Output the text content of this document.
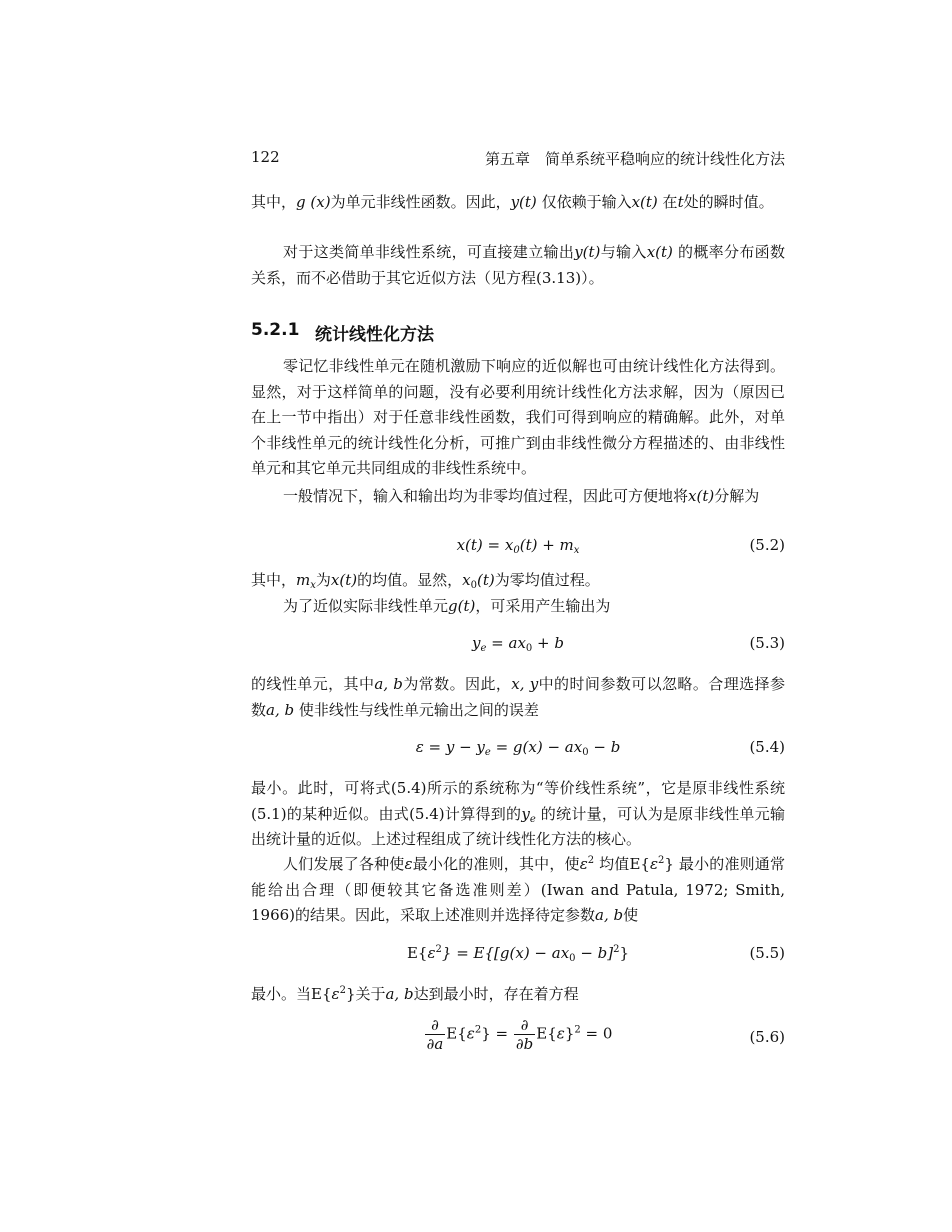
122	第五章　简单系统平稳响应的统计线性化方法
其中，g (x)为单元非线性函数。因此，y(t) 仅依赖于输入x(t) 在t处的瞬时值。
对于这类简单非线性系统，可直接建立输出y(t)与输入x(t) 的概率分布函数关系，而不必借助于其它近似方法（见方程(3.13)）。
5.2.1 统计线性化方法
零记忆非线性单元在随机激励下响应的近似解也可由统计线性化方法得到。显然，对于这样简单的问题，没有必要利用统计线性化方法求解，因为（原因已在上一节中指出）对于任意非线性函数，我们可得到响应的精确解。此外，对单个非线性单元的统计线性化分析，可推广到由非线性微分方程描述的、由非线性单元和其它单元共同组成的非线性系统中。
一般情况下，输入和输出均为非零均值过程，因此可方便地将x(t)分解为
$x(t) = x_0(t) + m_x$	(5.2)
其中，$m_x$为x(t)的均值。显然，$x_0(t)$为零均值过程。
为了近似实际非线性单元g(t)，可采用产生输出为
$y_e = ax_0 + b$	(5.3)
的线性单元，其中a, b为常数。因此，x, y中的时间参数可以忽略。合理选择参数a, b 使非线性与线性单元输出之间的误差
$\varepsilon = y - y_e = g(x) - ax_0 - b$	(5.4)
最小。此时，可将式(5.4)所示的系统称为“等价线性系统”，它是原非线性系统(5.1)的某种近似。由式(5.4)计算得到的$y_e$ 的统计量，可认为是原非线性单元输出统计量的近似。上述过程组成了统计线性化方法的核心。
人们发展了各种使ε最小化的准则，其中，使$\varepsilon^2$ 均值$E\{\varepsilon^2\}$ 最小的准则通常能给出合理（即便较其它备选准则差）(Iwan and Patula, 1972; Smith, 1966)的结果。因此，采取上述准则并选择待定参数a, b使
$E\{\varepsilon^2\} = E\{[g(x) - ax_0 - b]^2\}$	(5.5)
最小。当$E\{\varepsilon^2\}$关于a, b达到最小时，存在着方程
$\frac{\partial}{\partial a} E\{\varepsilon^2\} = \frac{\partial}{\partial b} E\{\varepsilon\}^2 = 0$	(5.6)
